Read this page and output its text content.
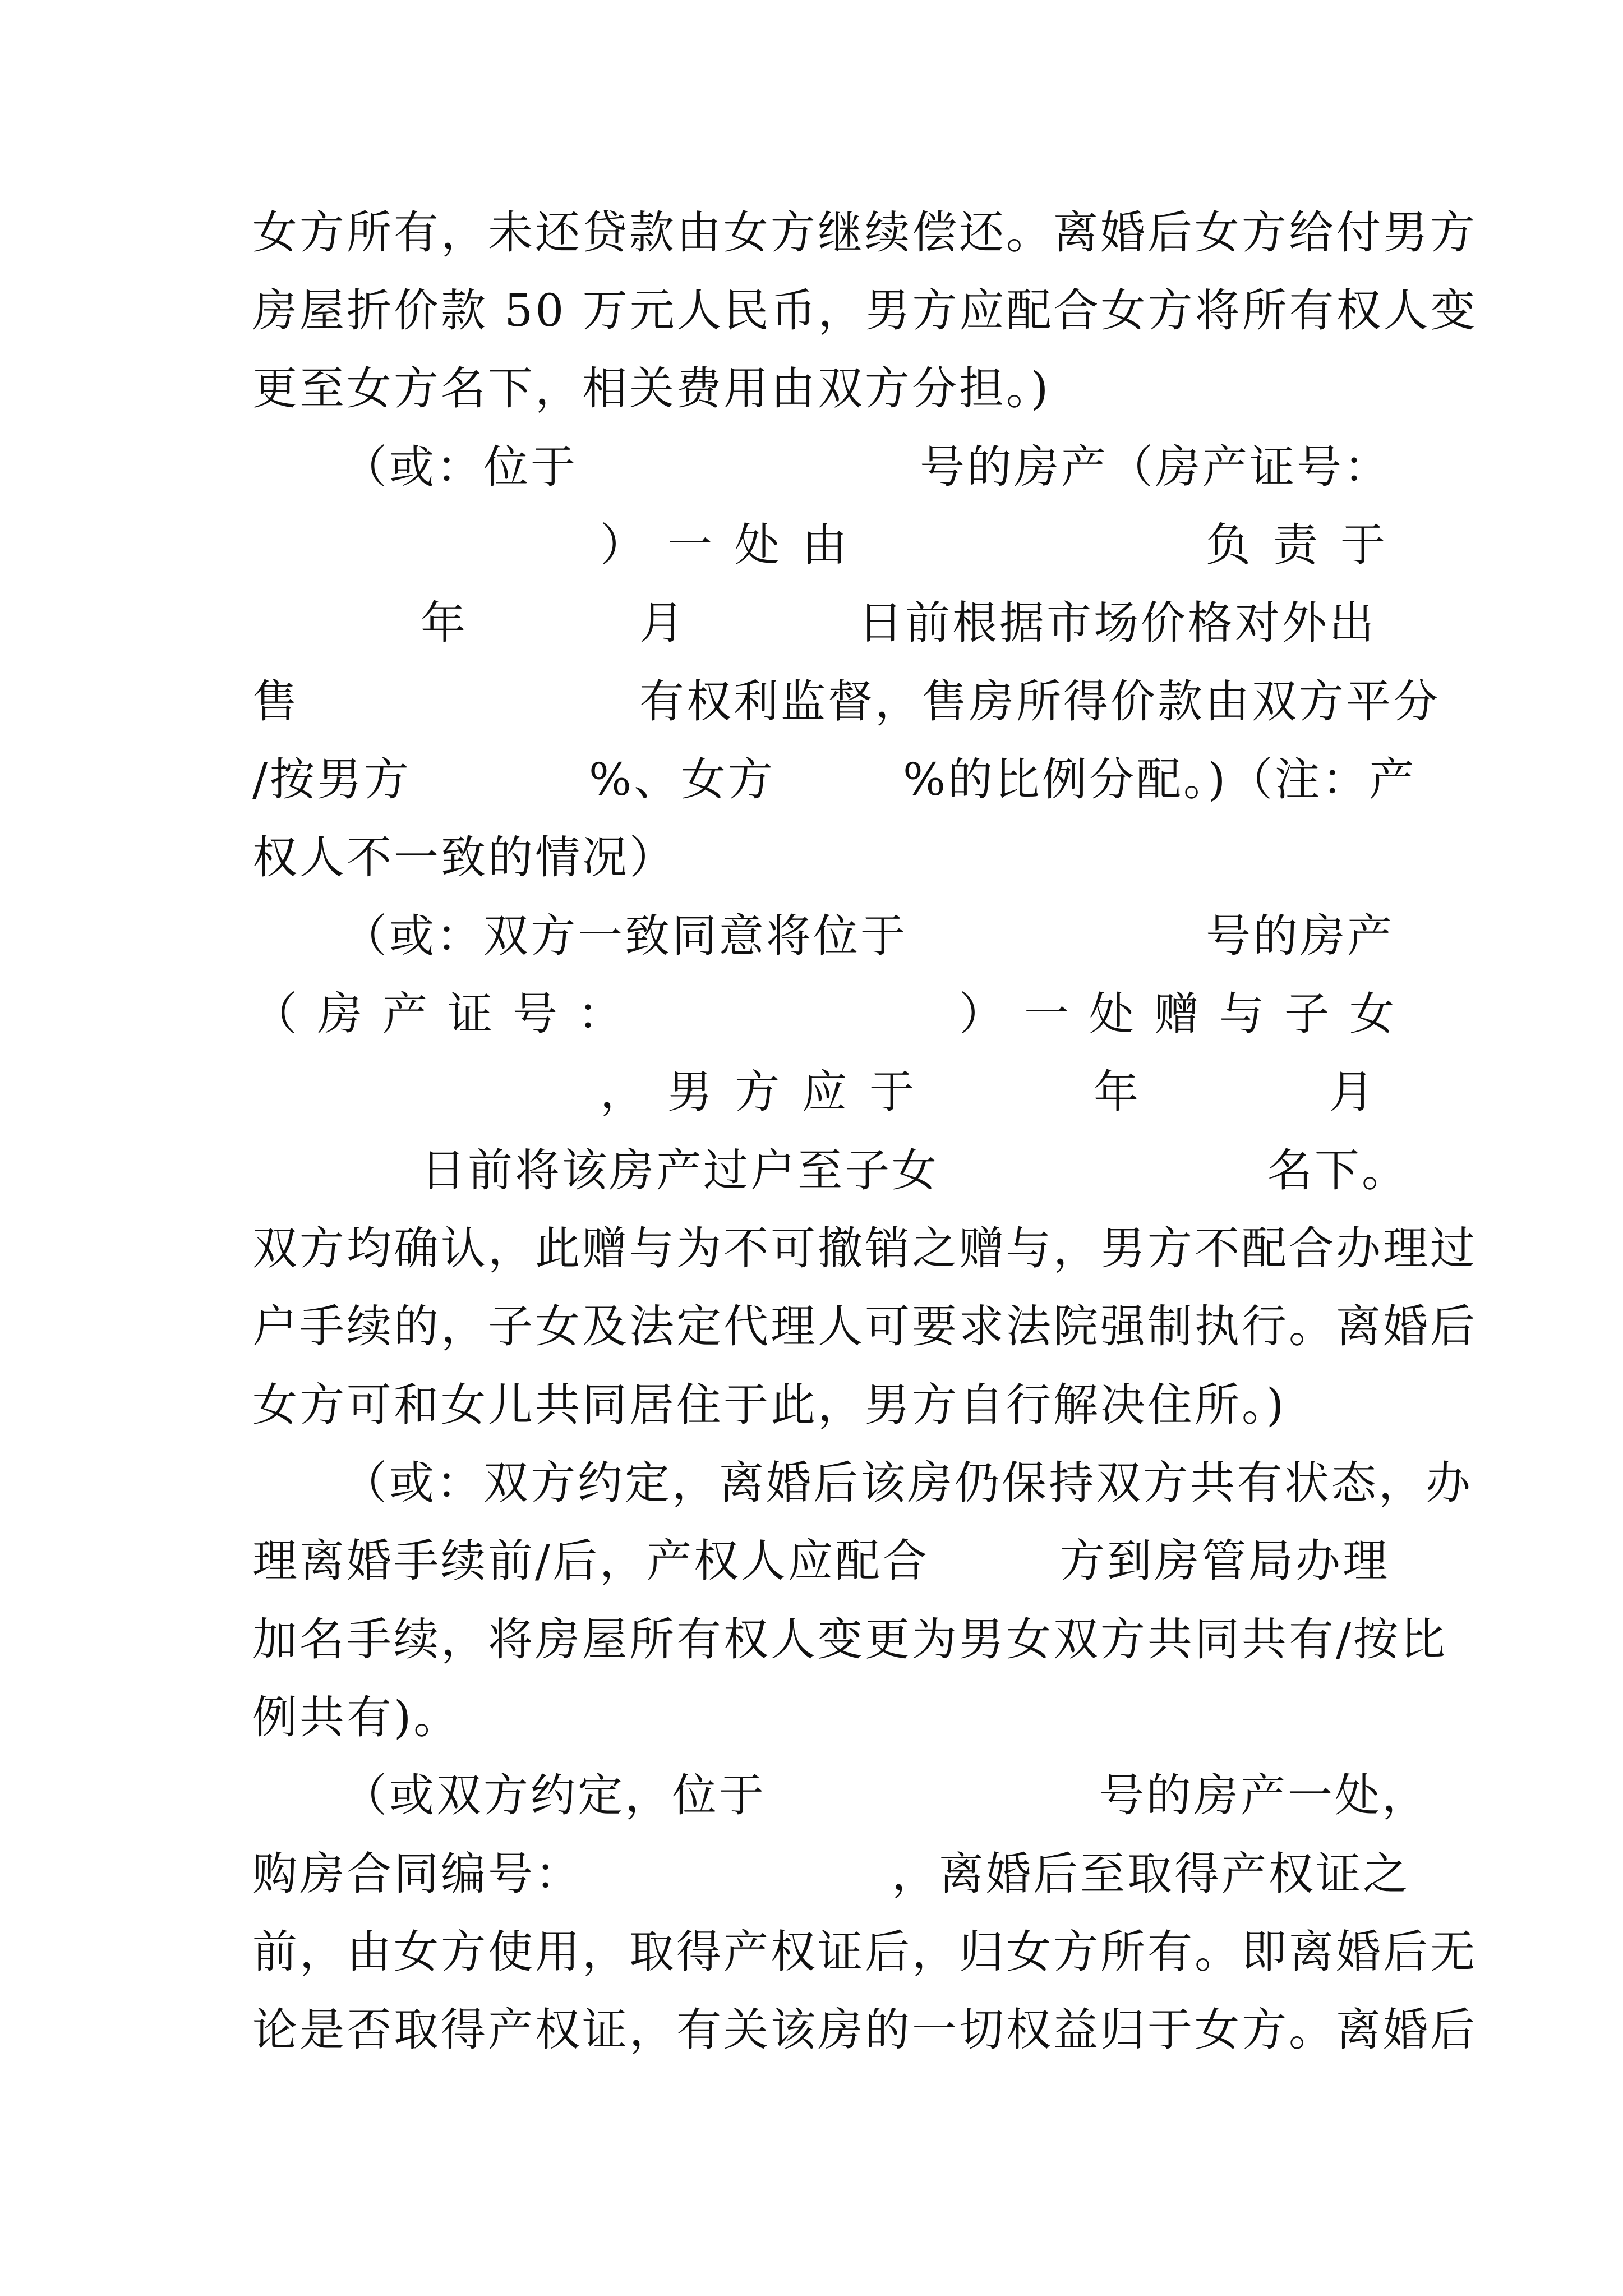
女方所有，未还贷款由女方继续偿还。离婚后女方给付男方

房屋折价款 50 万元人民币，男方应配合女方将所有权人变

更至女方名下，相关费用由双方分担。)

（或：位于

	号的房产（房产证号：

）一处由

	负责于

年

	月

	日前根据市场价格对外出

售

	有权利监督，售房所得价款由双方平分

/按男方

	%、女方

	%的比例分配。)（注：产

权人不一致的情况）

（或：双方一致同意将位于

	号的房产

（房产证号：

	）一处赠与子女

，男方应于

	年

	月

日前将该房产过户至子女

	名下。

双方均确认，此赠与为不可撤销之赠与，男方不配合办理过

户手续的，子女及法定代理人可要求法院强制执行。离婚后

女方可和女儿共同居住于此，男方自行解决住所。)

（或：双方约定，离婚后该房仍保持双方共有状态，办

理离婚手续前/后，产权人应配合

	方到房管局办理

加名手续，将房屋所有权人变更为男女双方共同共有/按比

例共有)。

（或双方约定，位于

	号的房产一处，

购房合同编号：

	，离婚后至取得产权证之

前，由女方使用，取得产权证后，归女方所有。即离婚后无

论是否取得产权证，有关该房的一切权益归于女方。离婚后
